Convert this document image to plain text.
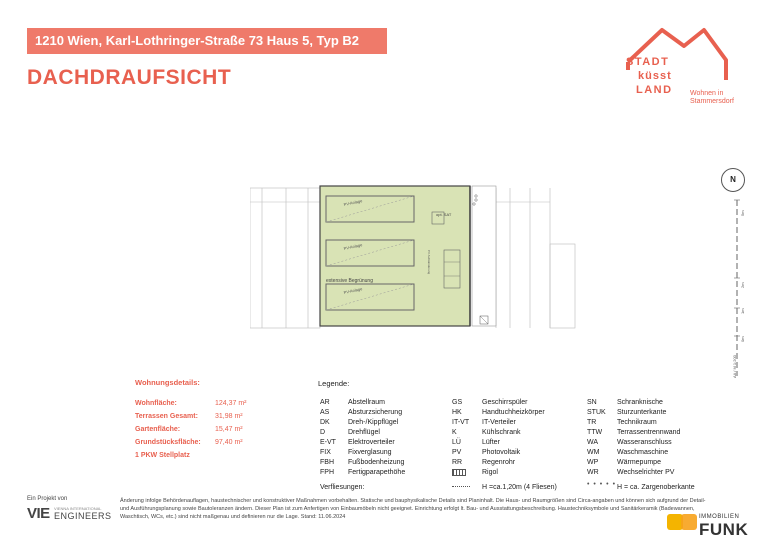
1210 Wien, Karl-Lothringer-Straße 73 Haus 5, Typ B2
DACHDRAUFSICHT
STADT
küsst
LAND Wohnen in
Stammersdorf
N
5m
2m
1m
0m
AA / M 1:200
PV-Anlage
PV-Anlage
PV-Anlage
opt. SAT
PV Aufständerung
extensive Begrünung
Wohnungsdetails:
Wohnfläche:	124,37 m²
Terrassen Gesamt: 31,98 m²
Gartenfläche:	15,47 m²
Grundstücksfläche: 97,40 m²
1 PKW Stellplatz
Legende:
AR	Abstellraum
AS	Absturzsicherung
DK	Dreh-/Kippflügel
D	Drehflügel
E-VT Elektroverteiler
FIX Fixverglasung
FBH Fußbodenheizung
FPH Fertigparapethöhe
GS	Geschirrspüler
HK	Handtuchheizkörper
IT-VT IT-Verteiler
K	Kühlschrank
LÜ	Lüfter
PV	Photovoltaik
RR	Regenrohr
Rigol
SN	Schranknische
STUK Sturzunterkante
TR	Technikraum
TTW Terrassentrennwand
WA	Wasseranschluss
WM	Waschmaschine
WP	Wärmepumpe
WR	Wechselrichter PV
Verfliesungen:	H =ca.1,20m (4 Fliesen)	• • • • • H = ca. Zargenoberkante
Ein Projekt von
VIE VIENNA INTERNATIONAL
ENGINEERS
Änderung infolge Behördenauflagen, haustechnischer und konstruktiver Maßnahmen vorbehalten. Statische und bauphysikalische Details sind Planinhalt. Die Haus- und Raumgrößen sind Circa-angaben und können sich aufgrund der Detail- und Ausführungsplanung sowie Bautoleranzen ändern. Dieser Plan ist zum Anfertigen von Einbaumöbeln nicht geeignet. Einrichtung erfolgt lt. Bau- und Ausstattungsbeschreibung. Haustechniksymbole und Sanitärkeramik (Badewannen, Waschtisch, WCs, etc.) sind nicht maßgenau und definieren nur die Lage. Stand: 11.06.2024	IMMOBILIEN
FUNK
